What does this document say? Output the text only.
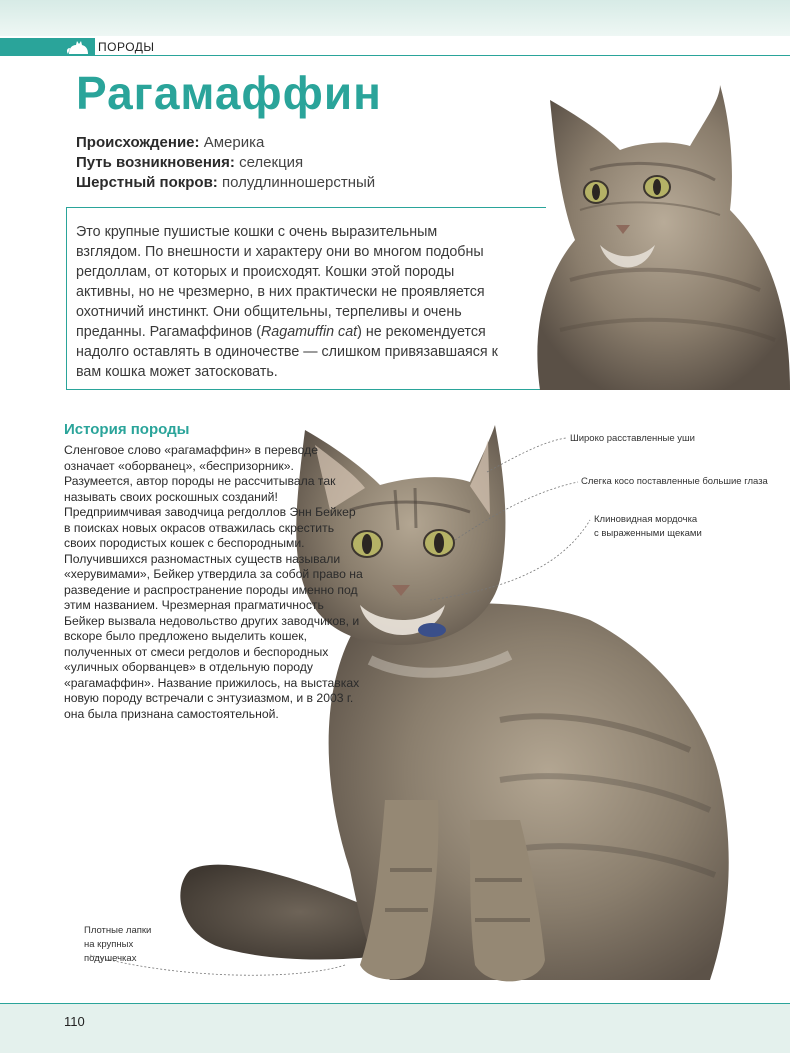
ПОРОДЫ
Рагамаффин
Происхождение: Америка
Путь возникновения: селекция
Шерстный покров: полудлинношерстный
Это крупные пушистые кошки с очень выразительным взглядом. По внешности и характеру они во многом подобны регдоллам, от которых и происходят. Кошки этой породы активны, но не чрезмерно, в них практически не проявляется охотничий инстинкт. Они общительны, терпеливы и очень преданны. Рагамаффинов (Ragamuffin cat) не рекомендуется надолго оставлять в одиночестве — слишком привязавшаяся к вам кошка может затосковать.
История породы
Сленговое слово «рагамаффин» в переводе означает «оборванец», «беспризорник». Разумеется, автор породы не рассчитывала так называть своих роскошных созданий! Предприимчивая заводчица регдоллов Энн Бейкер в поисках новых окрасов отважилась скрестить своих породистых кошек с беспородными. Получившихся разномастных существ называли «херувимами», Бейкер утвердила за собой право на разведение и распространение породы именно под этим названием. Чрезмерная прагматичность Бейкер вызвала недовольство других заводчиков, и вскоре было предложено выделить кошек, полученных от смеси регдолов и беспородных «уличных оборванцев» в отдельную породу «рагамаффин». Название прижилось, на выставках новую породу встречали с энтузиазмом, и в 2003 г. она была признана самостоятельной.
Широко расставленные уши
Слегка косо поставленные большие глаза
Клиновидная мордочка
с выраженными щеками
Плотные лапки
на крупных
подушечках
110
